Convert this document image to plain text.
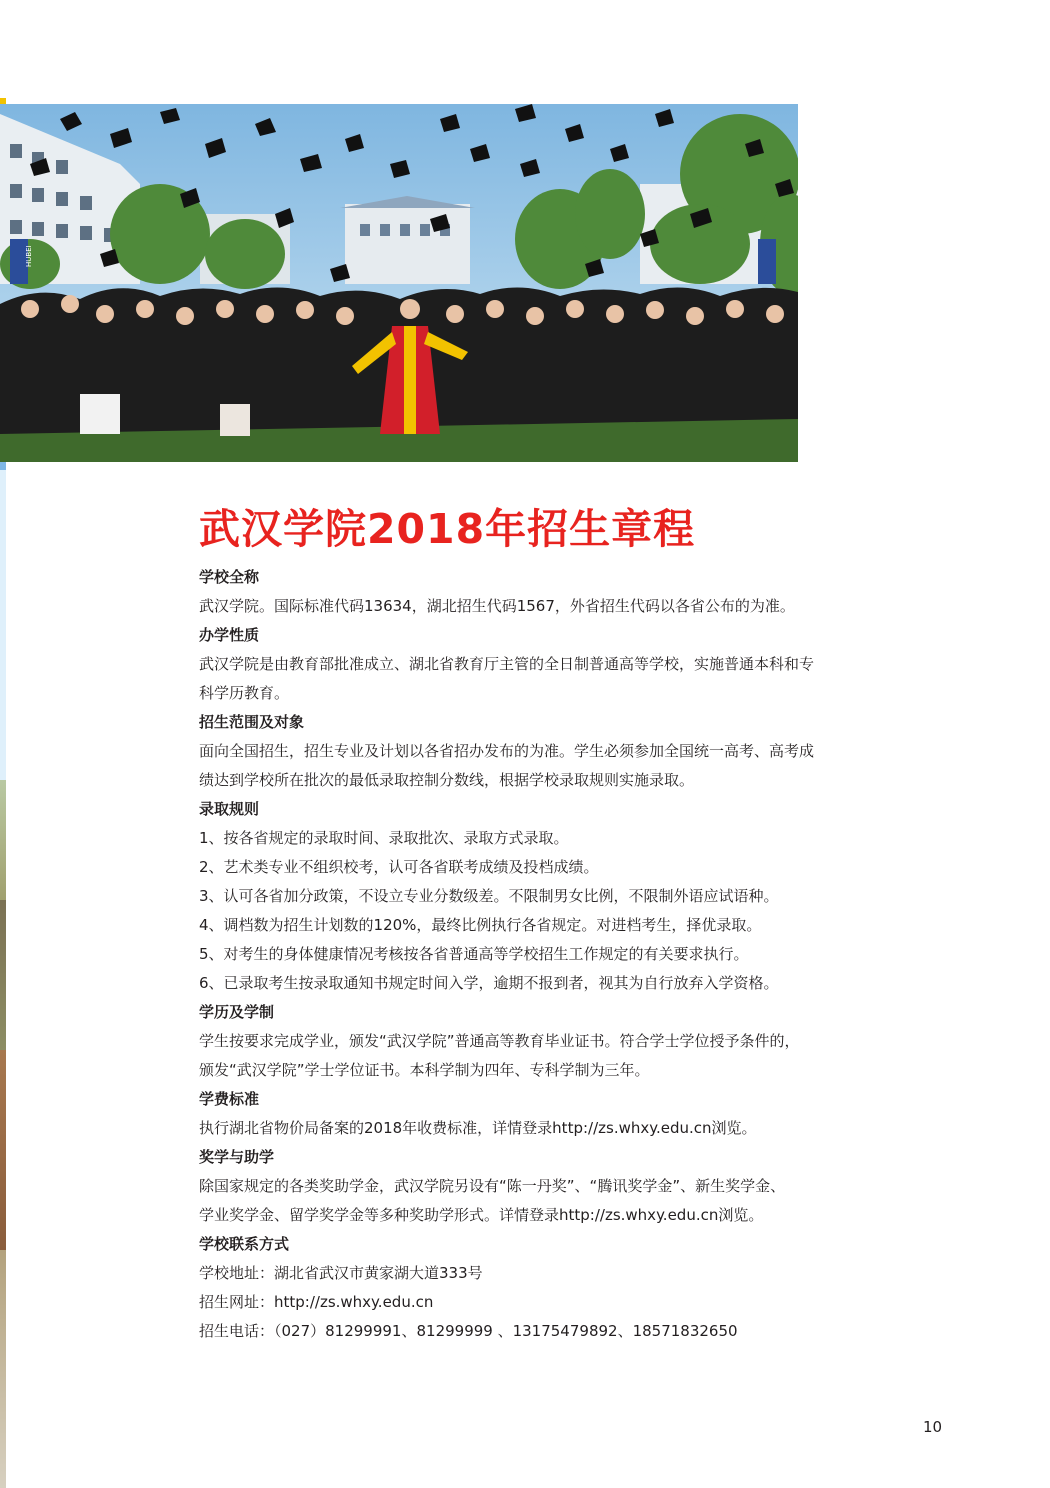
HUBEI
武汉学院2018年招生章程
学校全称

武汉学院。国际标准代码13634，湖北招生代码1567，外省招生代码以各省公布的为准。

办学性质

武汉学院是由教育部批准成立、湖北省教育厅主管的全日制普通高等学校，实施普通本科和专

科学历教育。

招生范围及对象

面向全国招生，招生专业及计划以各省招办发布的为准。学生必须参加全国统一高考、高考成

绩达到学校所在批次的最低录取控制分数线，根据学校录取规则实施录取。

录取规则

1、按各省规定的录取时间、录取批次、录取方式录取。

2、艺术类专业不组织校考，认可各省联考成绩及投档成绩。

3、认可各省加分政策，不设立专业分数级差。不限制男女比例，不限制外语应试语种。

4、调档数为招生计划数的120%，最终比例执行各省规定。对进档考生，择优录取。

5、对考生的身体健康情况考核按各省普通高等学校招生工作规定的有关要求执行。

6、已录取考生按录取通知书规定时间入学，逾期不报到者，视其为自行放弃入学资格。

学历及学制

学生按要求完成学业，颁发“武汉学院”普通高等教育毕业证书。符合学士学位授予条件的，

颁发“武汉学院”学士学位证书。本科学制为四年、专科学制为三年。

学费标准

执行湖北省物价局备案的2018年收费标准，详情登录http://zs.whxy.edu.cn浏览。

奖学与助学

除国家规定的各类奖助学金，武汉学院另设有“陈一丹奖”、“腾讯奖学金”、新生奖学金、

学业奖学金、留学奖学金等多种奖助学形式。详情登录http://zs.whxy.edu.cn浏览。

学校联系方式

学校地址：湖北省武汉市黄家湖大道333号

招生网址：http://zs.whxy.edu.cn

招生电话：（027）81299991、81299999 、13175479892、18571832650

10
